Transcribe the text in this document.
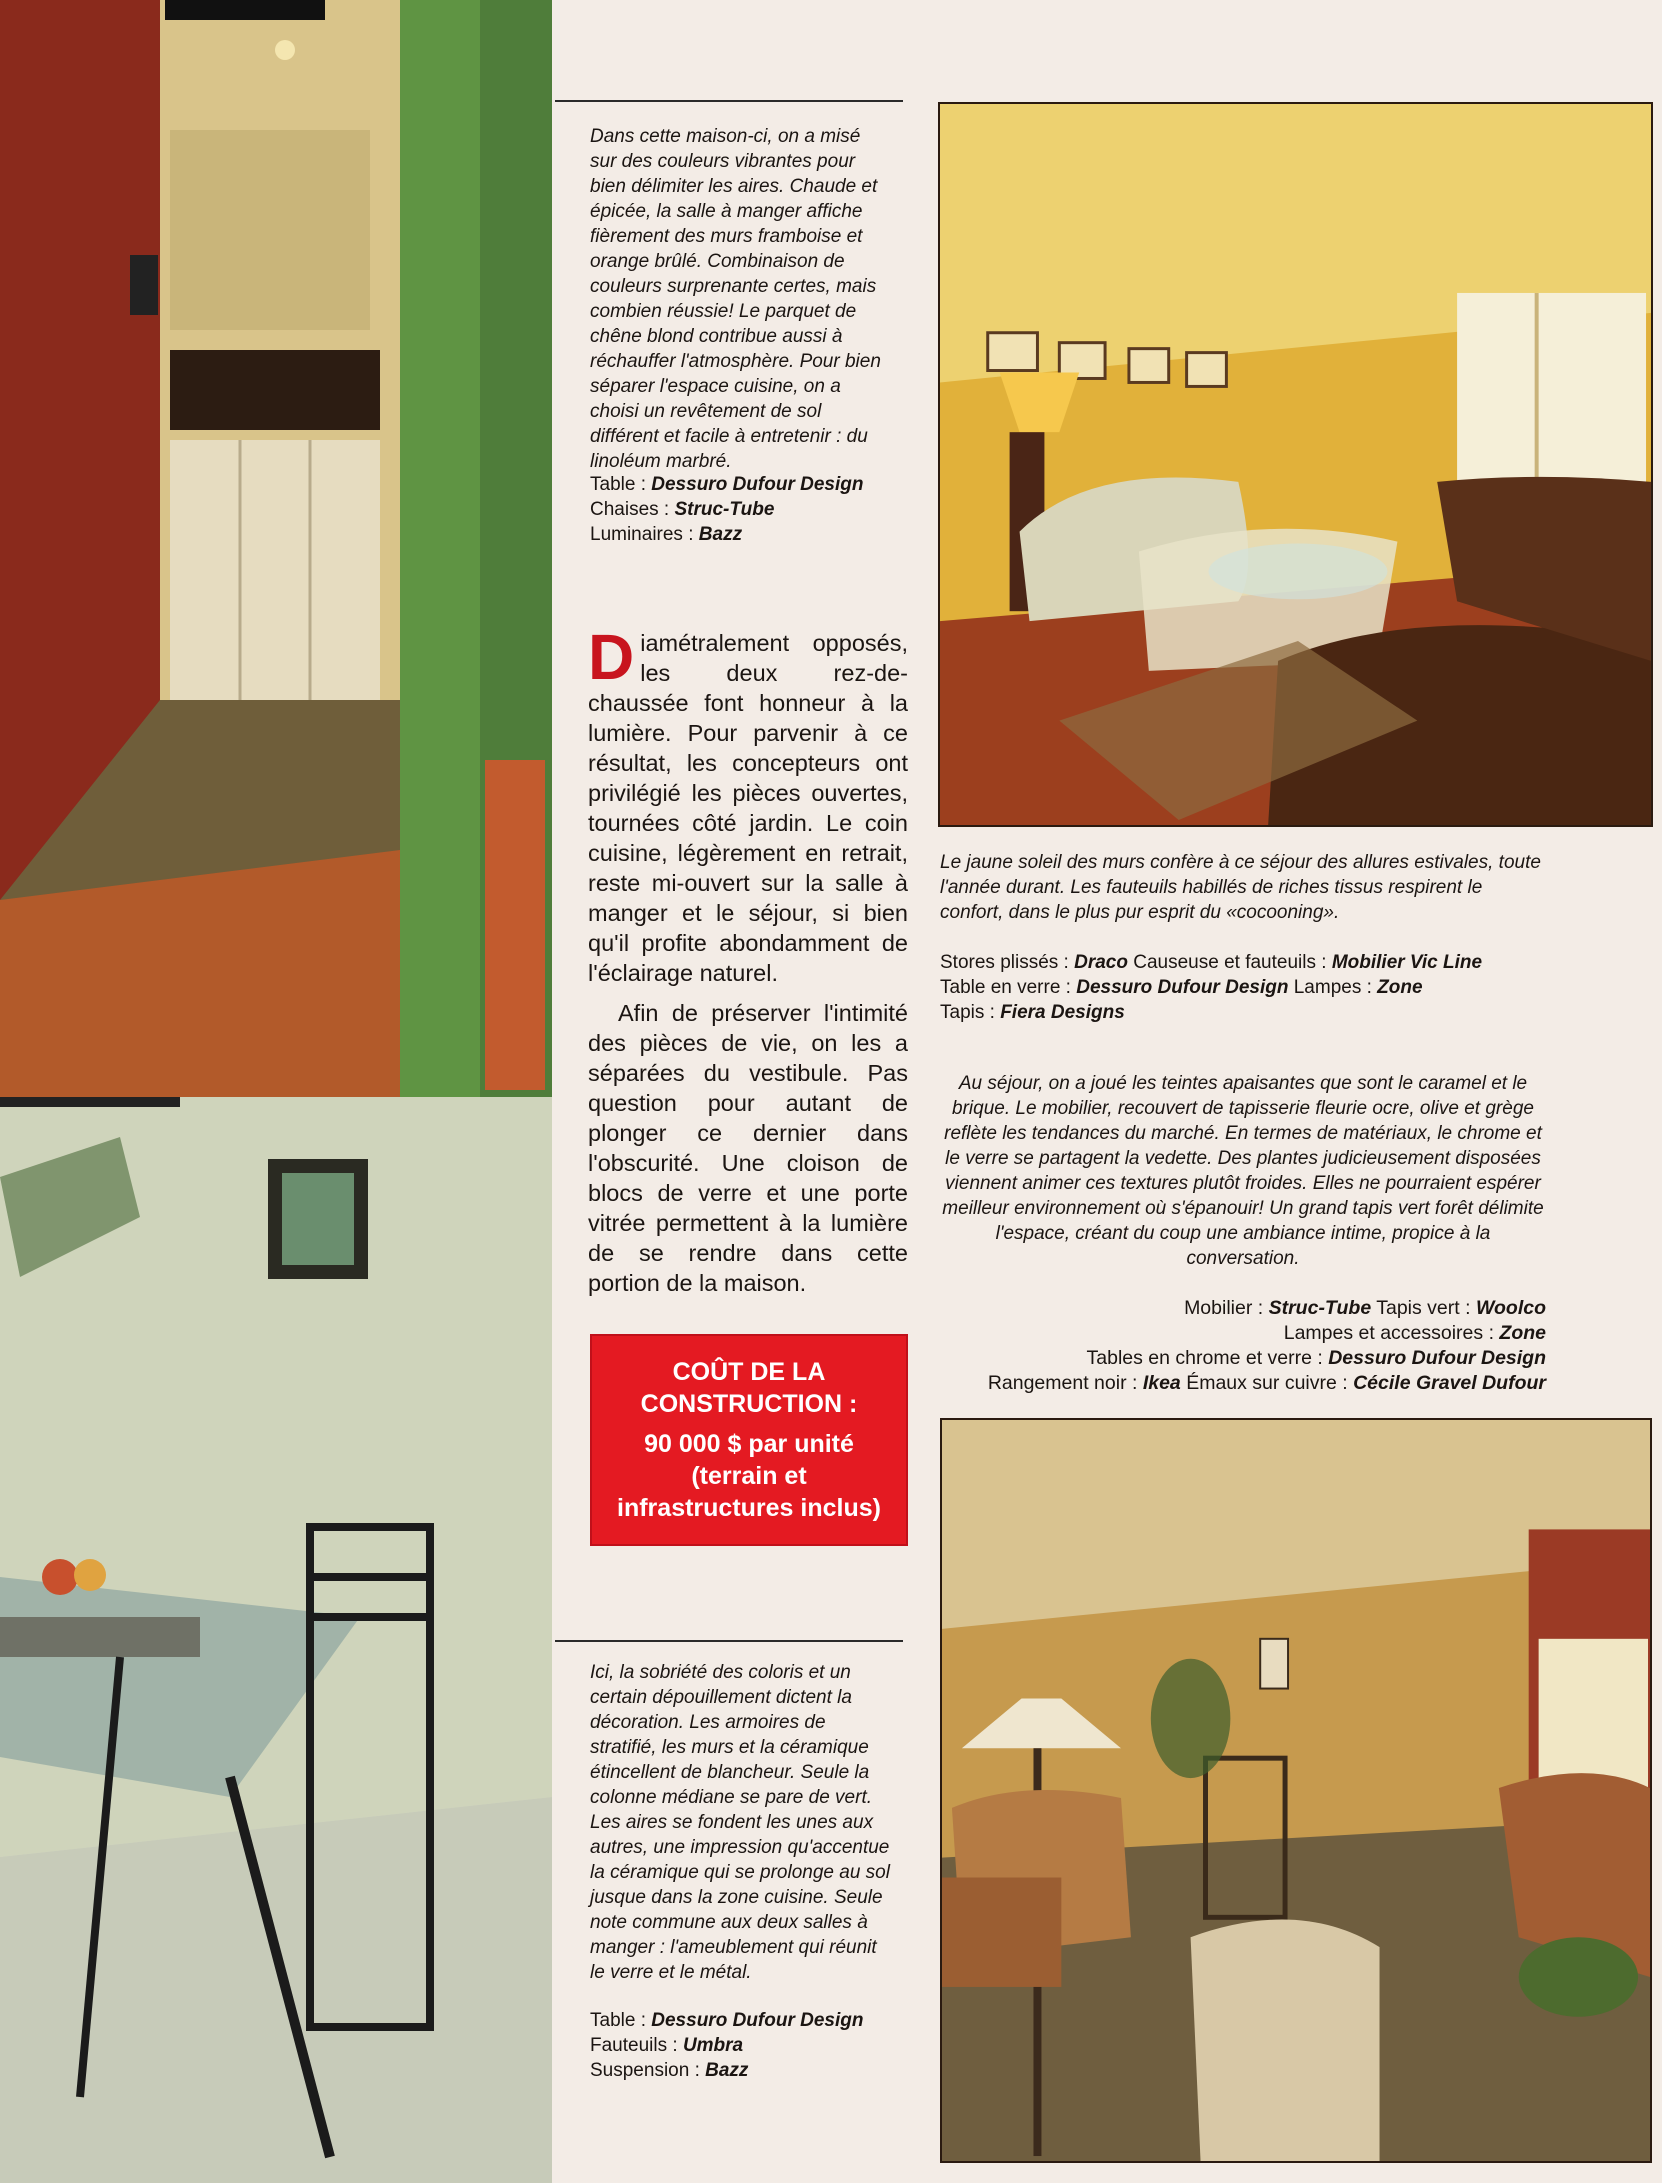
Dans cette maison-ci, on a misé sur des couleurs vibrantes pour bien délimiter les aires. Chaude et épicée, la salle à manger affiche fièrement des murs framboise et orange brûlé. Combinaison de couleurs surprenante certes, mais combien réussie! Le parquet de chêne blond contribue aussi à réchauffer l'atmosphère. Pour bien séparer l'espace cuisine, on a choisi un revêtement de sol différent et facile à entretenir : du linoléum marbré.

Table : Dessuro Dufour Design
Chaises : Struc-Tube
Luminaires : Bazz

Diamétralement opposés, les deux rez-de-chaussée font honneur à la lumière. Pour parvenir à ce résultat, les concepteurs ont privilégié les pièces ouvertes, tournées côté jardin. Le coin cuisine, légèrement en retrait, reste mi-ouvert sur la salle à manger et le séjour, si bien qu'il profite abondamment de l'éclairage naturel.

Afin de préserver l'intimité des pièces de vie, on les a séparées du vestibule. Pas question pour autant de plonger ce dernier dans l'obscurité. Une cloison de blocs de verre et une porte vitrée permettent à la lumière de se rendre dans cette portion de la maison.

COÛT DE LA
CONSTRUCTION :
90 000 $ par unité
(terrain et
infrastructures inclus)

Ici, la sobriété des coloris et un certain dépouillement dictent la décoration. Les armoires de stratifié, les murs et la céramique étincellent de blancheur. Seule la colonne médiane se pare de vert. Les aires se fondent les unes aux autres, une impression qu'accentue la céramique qui se prolonge au sol jusque dans la zone cuisine. Seule note commune aux deux salles à manger : l'ameublement qui réunit le verre et le métal.

Table : Dessuro Dufour Design
Fauteuils : Umbra
Suspension : Bazz

Le jaune soleil des murs confère à ce séjour des allures estivales, toute l'année durant. Les fauteuils habillés de riches tissus respirent le confort, dans le plus pur esprit du «cocooning».

Stores plissés : Draco Causeuse et fauteuils : Mobilier Vic Line
Table en verre : Dessuro Dufour Design Lampes : Zone
Tapis : Fiera Designs

Au séjour, on a joué les teintes apaisantes que sont le caramel et le brique. Le mobilier, recouvert de tapisserie fleurie ocre, olive et grège reflète les tendances du marché. En termes de matériaux, le chrome et le verre se partagent la vedette. Des plantes judicieusement disposées viennent animer ces textures plutôt froides. Elles ne pourraient espérer meilleur environnement où s'épanouir! Un grand tapis vert forêt délimite l'espace, créant du coup une ambiance intime, propice à la conversation.

Mobilier : Struc-Tube Tapis vert : Woolco
Lampes et accessoires : Zone
Tables en chrome et verre : Dessuro Dufour Design
Rangement noir : Ikea Émaux sur cuivre : Cécile Gravel Dufour
